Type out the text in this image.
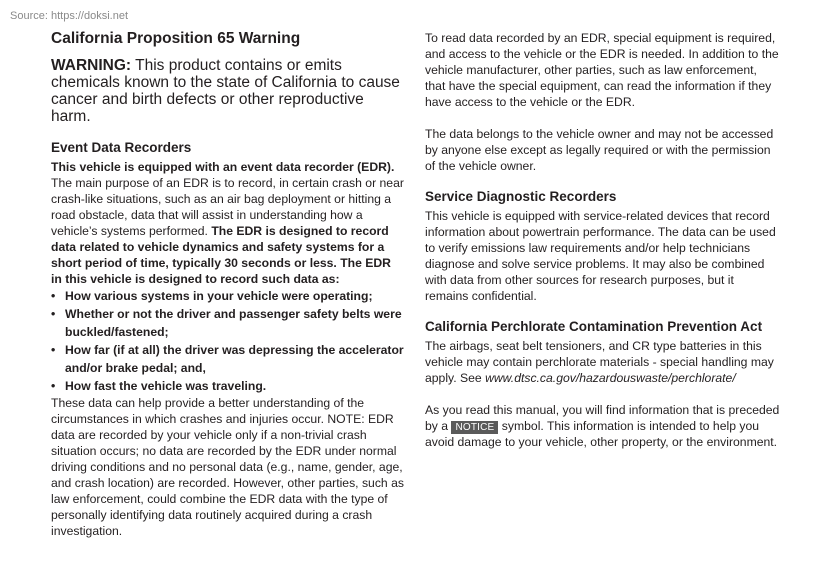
Source: https://doksi.net
California Proposition 65 Warning
WARNING: This product contains or emits chemicals known to the state of California to cause cancer and birth defects or other reproductive harm.
Event Data Recorders

This vehicle is equipped with an event data recorder (EDR). The main purpose of an EDR is to record, in certain crash or near crash-like situations, such as an air bag deployment or hitting a road obstacle, data that will assist in understanding how a vehicle’s systems performed. The EDR is designed to record data related to vehicle dynamics and safety systems for a short period of time, typically 30 seconds or less. The EDR in this vehicle is designed to record such data as:

• How various systems in your vehicle were operating;
• Whether or not the driver and passenger safety belts were buckled/fastened;
• How far (if at all) the driver was depressing the accelerator and/or brake pedal; and,
• How fast the vehicle was traveling.

These data can help provide a better understanding of the circumstances in which crashes and injuries occur. NOTE: EDR data are recorded by your vehicle only if a non-trivial crash situation occurs; no data are recorded by the EDR under normal driving conditions and no personal data (e.g., name, gender, age, and crash location) are recorded. However, other parties, such as law enforcement, could combine the EDR data with the type of personally identifying data routinely acquired during a crash investigation.

To read data recorded by an EDR, special equipment is required, and access to the vehicle or the EDR is needed. In addition to the vehicle manufacturer, other parties, such as law enforcement, that have the special equipment, can read the information if they have access to the vehicle or the EDR.

The data belongs to the vehicle owner and may not be accessed by anyone else except as legally required or with the permission of the vehicle owner.

Service Diagnostic Recorders

This vehicle is equipped with service-related devices that record information about powertrain performance. The data can be used to verify emissions law requirements and/or help technicians diagnose and solve service problems. It may also be combined with data from other sources for research purposes, but it remains confidential.

California Perchlorate Contamination Prevention Act

The airbags, seat belt tensioners, and CR type batteries in this vehicle may contain perchlorate materials - special handling may apply. See www.dtsc.ca.gov/hazardouswaste/perchlorate/

As you read this manual, you will find information that is preceded by a NOTICE symbol. This information is intended to help you avoid damage to your vehicle, other property, or the environment.
